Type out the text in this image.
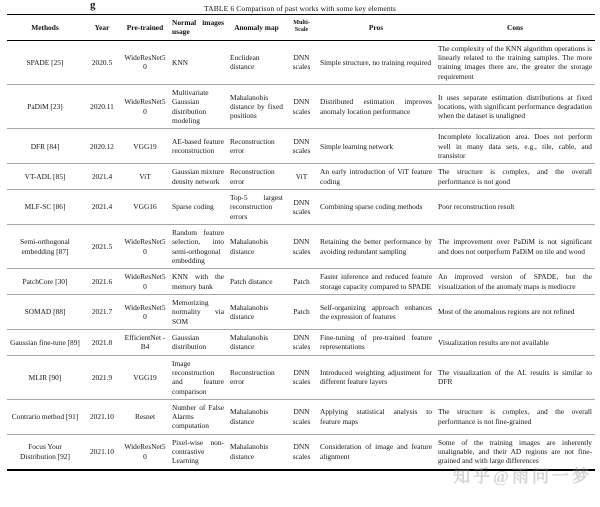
g	TABLE 6 Comparison of past works with some key elements
Methods	Year	Pre-trained	Normal images usage	Anomaly map	Multi-Scale	Pros	Cons
SPADE [25]	2020.5	WideResNet50	KNN	Euclidean distance	DNN scales	Simple structure, no training required	The complexity of the KNN algorithm operations is linearly related to the training samples. The more training images there are, the greater the storage requirement
PaDiM [23]	2020.11	WideResNet50	Multivariate Gaussian distribution modeling	Mahalanobis distance by fixed positions	DNN scales	Distributed estimation improves anomaly location performance	It uses separate estimation distributions at fixed locations, with significant performance degradation when the dataset is unaligned
DFR [84]	2020.12	VGG19	AE-based feature reconstruction	Reconstruction error	DNN scales	Simple learning network	Incomplete localization area. Does not perform well in many data sets, e.g., tile, cable, and transistor
VT-ADL [85]	2021.4	ViT	Gaussian mixture density network	Reconstruction error	ViT	An early introduction of ViT feature coding	The structure is complex, and the overall performance is not good
MLF-SC [86]	2021.4	VGG16	Sparse coding	Top-5 largest reconstruction errors	DNN scales	Combining sparse coding methods	Poor reconstruction result
Semi-orthogonal embedding [87]	2021.5	WideResNet50	Random feature selection, into semi-orthogonal embedding	Mahalanobis distance	DNN scales	Retaining the better performance by avoiding redundant sampling	The improvement over PaDiM is not significant and does not outperform PaDiM on tile and wood
PatchCore [30]	2021.6	WideResNet50	KNN with the memory bank	Patch distance	Patch	Faster inference and reduced feature storage capacity compared to SPADE	An improved version of SPADE, but the visualization of the anomaly maps is mediocre
SOMAD [88]	2021.7	WideResNet50	Memorizing normality via SOM	Mahalanobis distance	Patch	Self-organizing approach enhances the expression of features	Most of the anomalous regions are not refined
Gaussian fine-tune [89]	2021.8	EfficientNet -B4	Gaussian distribution	Mahalanobis distance	DNN scales	Fine-tuning of pre-trained feature representations	Visualization results are not available
MLIR [90]	2021.9	VGG19	Image reconstruction and feature comparison	Reconstruction error	DNN scales	Introduced weighting adjustment for different feature layers	The visualization of the AL results is similar to DFR
Contrario method [91]	2021.10	Resnet	Number of False Alarms computation	Mahalanobis distance	DNN scales	Applying statistical analysis to feature maps	The structure is complex, and the overall performance is not fine-grained
Focus Your Distribution [92]	2021.10	WideResNet50	Pixel-wise non-contrastive Learning	Mahalanobis distance	DNN scales	Consideration of image and feature alignment	Some of the training images are inherently unalignable, and their AD regions are not fine-grained and with large differences
知乎@雨问一梦
